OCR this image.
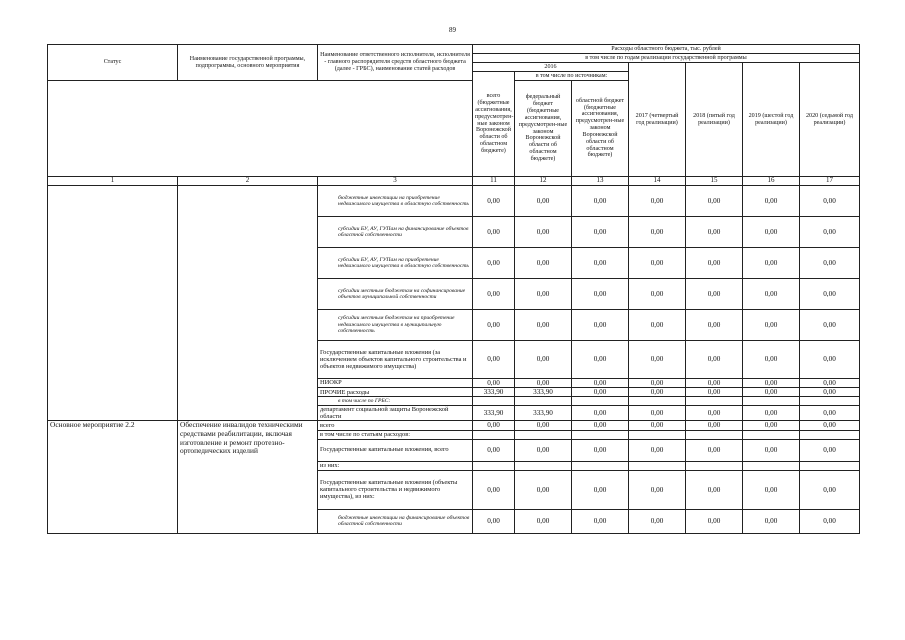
89
Статус	Наименование государственной программы, подпрограммы, основного мероприятия	Наименование ответственного исполнителя, исполнителя - главного распорядителя средств областного бюджета (далее - ГРБС), наименование статей расходов	Расходы областного бюджета, тыс. рублей						
			в том числе по годам реализации государственной программы						
			2016			2017 (четвертый год реализации)	2018 (пятый год реализации)	2019 (шестой год реализации)	2020 (седьмой год реализации)
			всего (бюджетные ассигнования, предусмотрен-ные законом Воронежской области об областном бюджете)	в том числе по источникам:					
				федеральный бюджет (бюджетные ассигнования, предусмотрен-ные законом Воронежской области об областном бюджете)	областной бюджет (бюджетные ассигнования, предусмотрен-ные законом Воронежской области об областном бюджете)				
1	2	3	11	12	13	14	15	16	17
		бюджетные инвестиции на приобретение недвижимого имущества в областную собственность	0,00	0,00	0,00	0,00	0,00	0,00	0,00
		субсидии БУ, АУ, ГУПам на финансирование объектов областной собственности	0,00	0,00	0,00	0,00	0,00	0,00	0,00
		субсидии БУ, АУ, ГУПам на приобретение недвижимого имущества в областную собственность	0,00	0,00	0,00	0,00	0,00	0,00	0,00
		субсидии местным бюджетам на софинансирование объектов муниципальной собственности	0,00	0,00	0,00	0,00	0,00	0,00	0,00
		субсидии местным бюджетам на приобретение недвижимого имущества в муниципальную собственность	0,00	0,00	0,00	0,00	0,00	0,00	0,00
		Государственные капитальные вложения (за исключением объектов капитального строительства и объектов недвижимого имущества)	0,00	0,00	0,00	0,00	0,00	0,00	0,00
		НИОКР	0,00	0,00	0,00	0,00	0,00	0,00	0,00
		ПРОЧИЕ расходы	333,90	333,90	0,00	0,00	0,00	0,00	0,00
		в том числе по ГРБС:							
		департамент социальной защиты Воронежской области	333,90	333,90	0,00	0,00	0,00	0,00	0,00
Основное мероприятие 2.2	Обеспечение инвалидов техническими средствами реабилитации, включая изготовление и ремонт протезно-ортопедических изделий	всего	0,00	0,00	0,00	0,00	0,00	0,00	0,00
		в том числе по статьям расходов:							
		Государственные капитальные вложения, всего	0,00	0,00	0,00	0,00	0,00	0,00	0,00
		из них:							
		Государственные капитальные вложения (объекты капитального строительства и недвижимого имущества), из них:	0,00	0,00	0,00	0,00	0,00	0,00	0,00
		бюджетные инвестиции на финансирование объектов областной собственности	0,00	0,00	0,00	0,00	0,00	0,00	0,00
